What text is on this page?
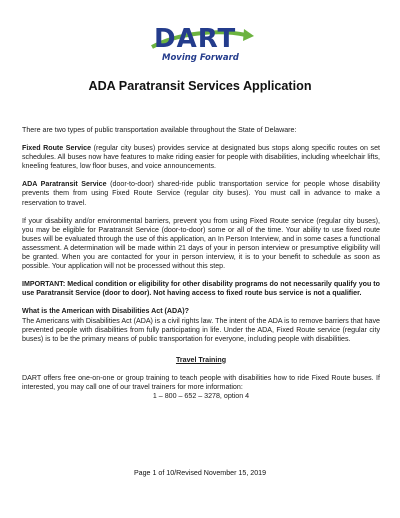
DART
Moving Forward
ADA Paratransit Services Application

There are two types of public transportation available throughout the State of Delaware:

Fixed Route Service (regular city buses) provides service at designated bus stops along specific routes on set schedules. All buses now have features to make riding easier for people with disabilities, including wheelchair lifts, kneeling features, low floor buses, and voice announcements.

ADA Paratransit Service (door-to-door) shared-ride public transportation service for people whose disability prevents them from using Fixed Route Service (regular city buses). You must call in advance to make a reservation to travel.

If your disability and/or environmental barriers, prevent you from using Fixed Route service (regular city buses), you may be eligible for Paratransit Service (door-to-door) some or all of the time. Your ability to use fixed route buses will be evaluated through the use of this application, an In Person Interview, and in some cases a functional assessment. A determination will be made within 21 days of your in person interview or presumptive eligibility will be granted. When you are contacted for your in person interview, it is to your benefit to schedule as soon as possible. Your application will not be processed without this step.

IMPORTANT: Medical condition or eligibility for other disability programs do not necessarily qualify you to use Paratransit Service (door to door). Not having access to fixed route bus service is not a qualifier.

What is the American with Disabilities Act (ADA)?
The Americans with Disabilities Act (ADA) is a civil rights law. The intent of the ADA is to remove barriers that have prevented people with disabilities from fully participating in life. Under the ADA, Fixed Route service (regular city buses) is to be the primary means of public transportation for everyone, including people with disabilities.

Travel Training

DART offers free one-on-one or group training to teach people with disabilities how to ride Fixed Route buses. If interested, you may call one of our travel trainers for more information:

1 – 800 – 652 – 3278, option 4

Page 1 of 10/Revised November 15, 2019
